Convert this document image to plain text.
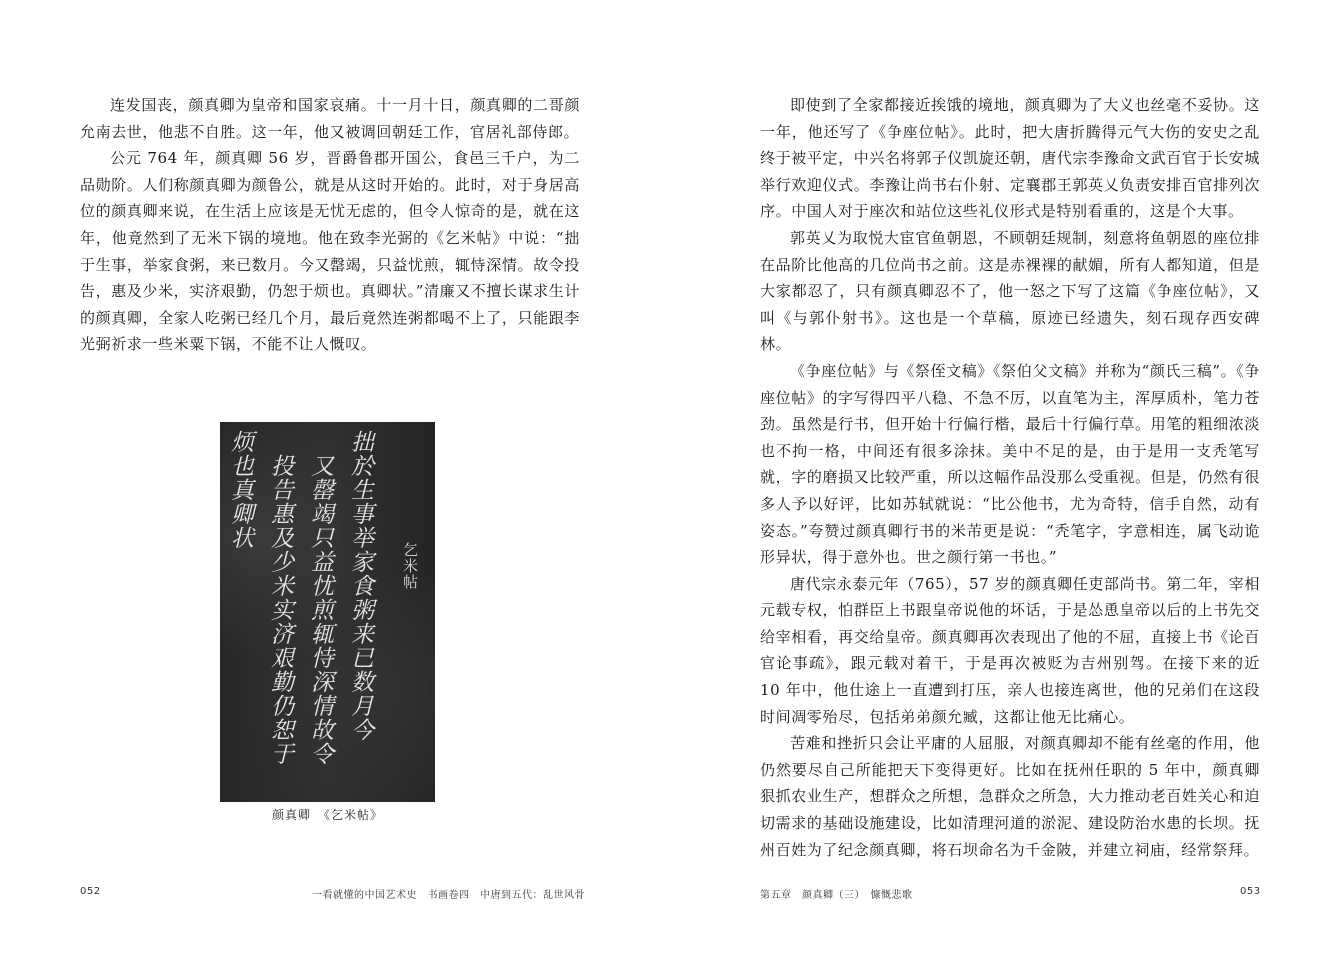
连发国丧，颜真卿为皇帝和国家哀痛。十一月十日，颜真卿的二哥颜允南去世，他悲不自胜。这一年，他又被调回朝廷工作，官居礼部侍郎。

公元 764 年，颜真卿 56 岁，晋爵鲁郡开国公，食邑三千户，为二品勋阶。人们称颜真卿为颜鲁公，就是从这时开始的。此时，对于身居高位的颜真卿来说，在生活上应该是无忧无虑的，但令人惊奇的是，就在这年，他竟然到了无米下锅的境地。他在致李光弼的《乞米帖》中说：“拙于生事，举家食粥，来已数月。今又罄竭，只益忧煎，辄恃深情。故令投告，惠及少米，实济艰勤，仍恕于烦也。真卿状。”清廉又不擅长谋求生计的颜真卿，全家人吃粥已经几个月，最后竟然连粥都喝不上了，只能跟李光弼祈求一些米粟下锅，不能不让人慨叹。

乞米帖
拙於生事举家食粥来已数月今
又罄竭只益忧煎辄恃深情故令
投告惠及少米实济艰勤仍恕于
烦也真卿状
颜真卿　《乞米帖》
052	一看就懂的中国艺术史　书画卷四　中唐到五代：乱世风骨

即使到了全家都接近挨饿的境地，颜真卿为了大义也丝毫不妥协。这一年，他还写了《争座位帖》。此时，把大唐折腾得元气大伤的安史之乱终于被平定，中兴名将郭子仪凯旋还朝，唐代宗李豫命文武百官于长安城举行欢迎仪式。李豫让尚书右仆射、定襄郡王郭英乂负责安排百官排列次序。中国人对于座次和站位这些礼仪形式是特别看重的，这是个大事。

郭英乂为取悦大宦官鱼朝恩，不顾朝廷规制，刻意将鱼朝恩的座位排在品阶比他高的几位尚书之前。这是赤裸裸的献媚，所有人都知道，但是大家都忍了，只有颜真卿忍不了，他一怒之下写了这篇《争座位帖》，又叫《与郭仆射书》。这也是一个草稿，原迹已经遗失，刻石现存西安碑林。

《争座位帖》与《祭侄文稿》《祭伯父文稿》并称为“颜氏三稿”。《争座位帖》的字写得四平八稳、不急不厉，以直笔为主，浑厚质朴，笔力苍劲。虽然是行书，但开始十行偏行楷，最后十行偏行草。用笔的粗细浓淡也不拘一格，中间还有很多涂抹。美中不足的是，由于是用一支秃笔写就，字的磨损又比较严重，所以这幅作品没那么受重视。但是，仍然有很多人予以好评，比如苏轼就说：“比公他书，尤为奇特，信手自然，动有姿态。”夸赞过颜真卿行书的米芾更是说：“秃笔字，字意相连，属飞动诡形异状，得于意外也。世之颜行第一书也。”

唐代宗永泰元年（765），57 岁的颜真卿任吏部尚书。第二年，宰相元载专权，怕群臣上书跟皇帝说他的坏话，于是怂恿皇帝以后的上书先交给宰相看，再交给皇帝。颜真卿再次表现出了他的不屈，直接上书《论百官论事疏》，跟元载对着干，于是再次被贬为吉州别驾。在接下来的近 10 年中，他仕途上一直遭到打压，亲人也接连离世，他的兄弟们在这段时间凋零殆尽，包括弟弟颜允臧，这都让他无比痛心。

苦难和挫折只会让平庸的人屈服，对颜真卿却不能有丝毫的作用，他仍然要尽自己所能把天下变得更好。比如在抚州任职的 5 年中，颜真卿狠抓农业生产，想群众之所想，急群众之所急，大力推动老百姓关心和迫切需求的基础设施建设，比如清理河道的淤泥、建设防治水患的长坝。抚州百姓为了纪念颜真卿，将石坝命名为千金陂，并建立祠庙，经常祭拜。

第五章　颜真卿（三）　慷慨悲歌	053
